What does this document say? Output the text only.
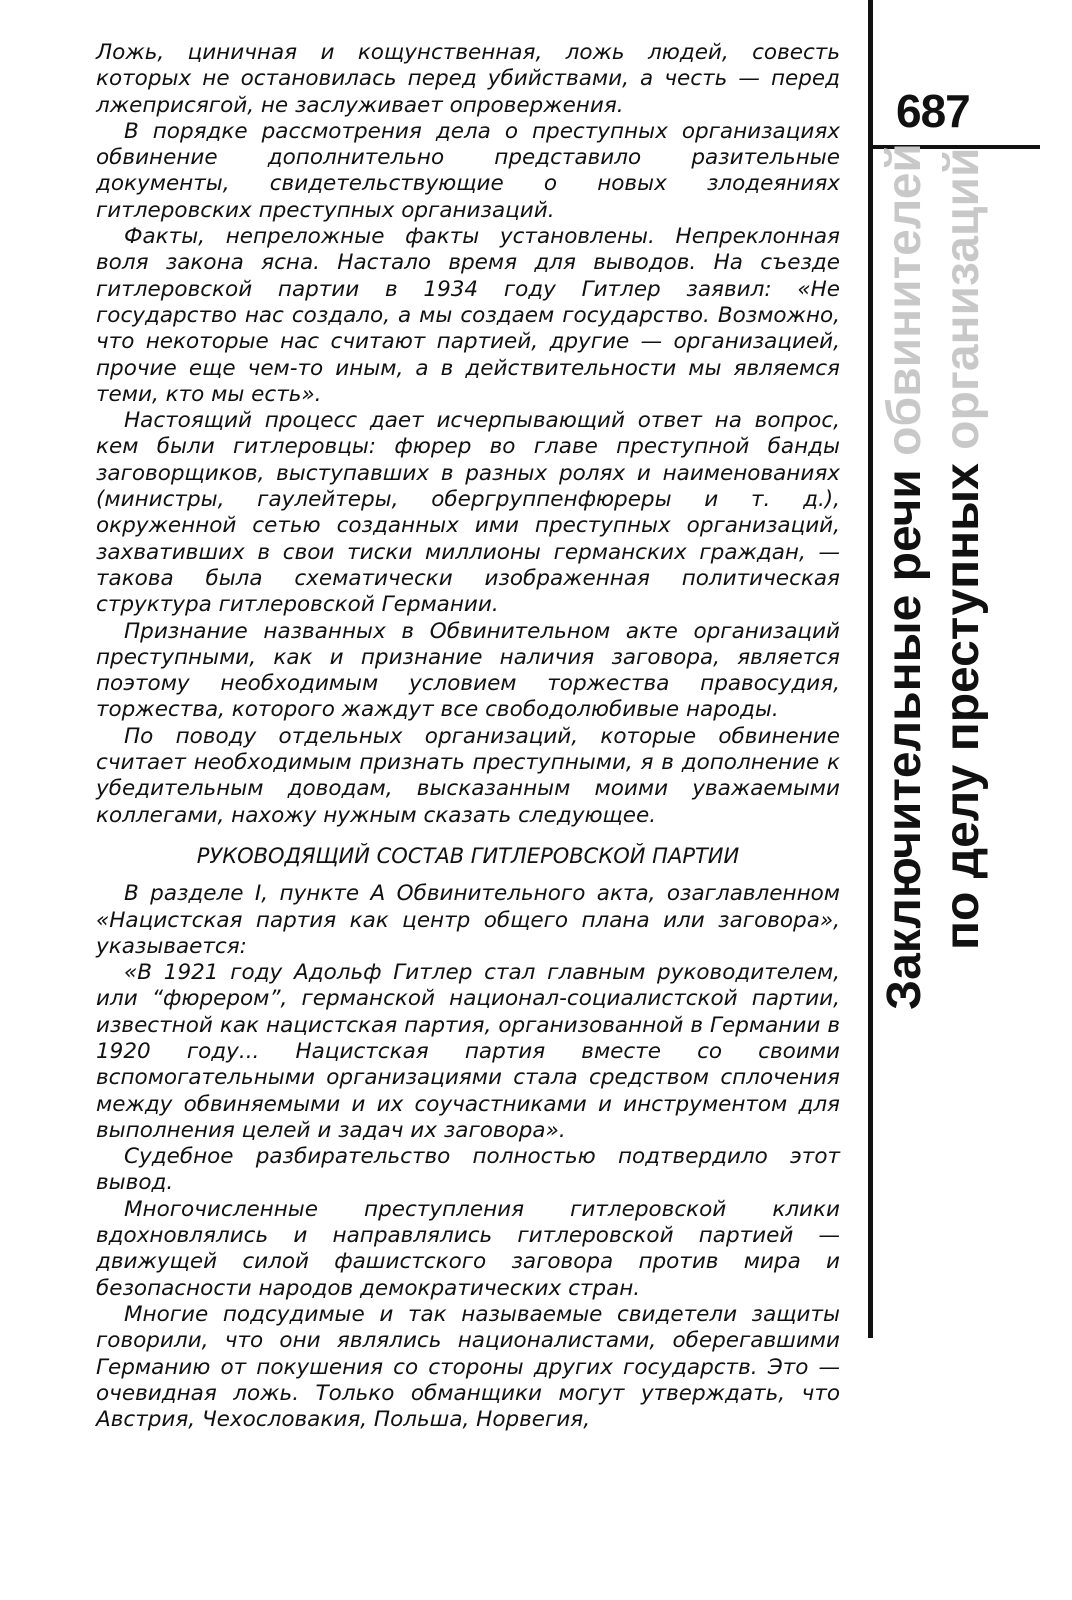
Ложь, циничная и кощунственная, ложь людей, совесть которых не остановилась перед убийствами, а честь — перед лжеприсягой, не заслуживает опровержения.

В порядке рассмотрения дела о преступных организациях обвинение дополнительно представило разительные документы, свидетельствующие о новых злодеяниях гитлеровских преступных организаций.

Факты, непреложные факты установлены. Непреклонная воля закона ясна. Настало время для выводов. На съезде гитлеровской партии в 1934 году Гитлер заявил: «Не государство нас создало, а мы создаем государство. Возможно, что некоторые нас считают партией, другие — организацией, прочие еще чем-то иным, а в действительности мы являемся теми, кто мы есть».

Настоящий процесс дает исчерпывающий ответ на вопрос, кем были гитлеровцы: фюрер во главе преступной банды заговорщиков, выступавших в разных ролях и наименованиях (министры, гаулейтеры, обергруппенфюреры и т. д.), окруженной сетью созданных ими преступных организаций, захвативших в свои тиски миллионы германских граждан, — такова была схематически изображенная политическая структура гитлеровской Германии.

Признание названных в Обвинительном акте организаций преступными, как и признание наличия заговора, является поэтому необходимым условием торжества правосудия, торжества, которого жаждут все свободолюбивые народы.

По поводу отдельных организаций, которые обвинение считает необходимым признать преступными, я в дополнение к убедительным доводам, высказанным моими уважаемыми коллегами, нахожу нужным сказать следующее.

РУКОВОДЯЩИЙ СОСТАВ ГИТЛЕРОВСКОЙ ПАРТИИ

В разделе I, пункте А Обвинительного акта, озаглавленном «Нацистская партия как центр общего плана или заговора», указывается:

«В 1921 году Адольф Гитлер стал главным руководителем, или “фюрером”, германской национал-социалистской партии, известной как нацистская партия, организованной в Германии в 1920 году... Нацистская партия вместе со своими вспомогательными организациями стала средством сплочения между обвиняемыми и их соучастниками и инструментом для выполнения целей и задач их заговора».

Судебное разбирательство полностью подтвердило этот вывод.

Многочисленные преступления гитлеровской клики вдохновлялись и направлялись гитлеровской партией — движущей силой фашистского заговора против мира и безопасности народов демократических стран.

Многие подсудимые и так называемые свидетели защиты говорили, что они являлись националистами, оберегавшими Германию от покушения со стороны других государств. Это — очевидная ложь. Только обманщики могут утверждать, что Австрия, Чехословакия, Польша, Норвегия,

687
Заключительные речи обвинителей
по делу преступных организаций
